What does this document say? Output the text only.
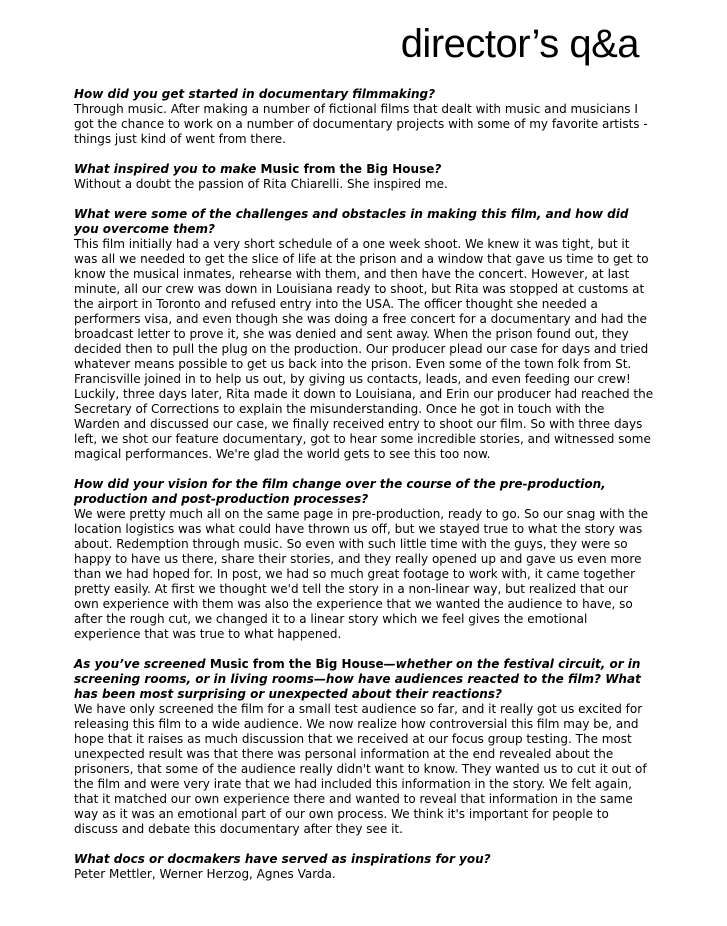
director’s q&a

How did you get started in documentary filmmaking?

Through music. After making a number of fictional films that dealt with music and musicians I got the chance to work on a number of documentary projects with some of my favorite artists - things just kind of went from there.

What inspired you to make Music from the Big House?

Without a doubt the passion of Rita Chiarelli. She inspired me.

What were some of the challenges and obstacles in making this film, and how did you overcome them?

This film initially had a very short schedule of a one week shoot. We knew it was tight, but it was all we needed to get the slice of life at the prison and a window that gave us time to get to know the musical inmates, rehearse with them, and then have the concert. However, at last minute, all our crew was down in Louisiana ready to shoot, but Rita was stopped at customs at the airport in Toronto and refused entry into the USA. The officer thought she needed a performers visa, and even though she was doing a free concert for a documentary and had the broadcast letter to prove it, she was denied and sent away. When the prison found out, they decided then to pull the plug on the production. Our producer plead our case for days and tried whatever means possible to get us back into the prison. Even some of the town folk from St. Francisville joined in to help us out, by giving us contacts, leads, and even feeding our crew! Luckily, three days later, Rita made it down to Louisiana, and Erin our producer had reached the Secretary of Corrections to explain the misunderstanding. Once he got in touch with the Warden and discussed our case, we finally received entry to shoot our film. So with three days left, we shot our feature documentary, got to hear some incredible stories, and witnessed some magical performances. We're glad the world gets to see this too now.

How did your vision for the film change over the course of the pre-production, production and post-production processes?

We were pretty much all on the same page in pre-production, ready to go. So our snag with the location logistics was what could have thrown us off, but we stayed true to what the story was about. Redemption through music. So even with such little time with the guys, they were so happy to have us there, share their stories, and they really opened up and gave us even more than we had hoped for. In post, we had so much great footage to work with, it came together pretty easily. At first we thought we'd tell the story in a non-linear way, but realized that our own experience with them was also the experience that we wanted the audience to have, so after the rough cut, we changed it to a linear story which we feel gives the emotional experience that was true to what happened.

As you’ve screened Music from the Big House—whether on the festival circuit, or in screening rooms, or in living rooms—how have audiences reacted to the film? What has been most surprising or unexpected about their reactions?

We have only screened the film for a small test audience so far, and it really got us excited for releasing this film to a wide audience. We now realize how controversial this film may be, and hope that it raises as much discussion that we received at our focus group testing. The most unexpected result was that there was personal information at the end revealed about the prisoners, that some of the audience really didn't want to know. They wanted us to cut it out of the film and were very irate that we had included this information in the story. We felt again, that it matched our own experience there and wanted to reveal that information in the same way as it was an emotional part of our own process. We think it's important for people to discuss and debate this documentary after they see it.

What docs or docmakers have served as inspirations for you?

Peter Mettler, Werner Herzog, Agnes Varda.
